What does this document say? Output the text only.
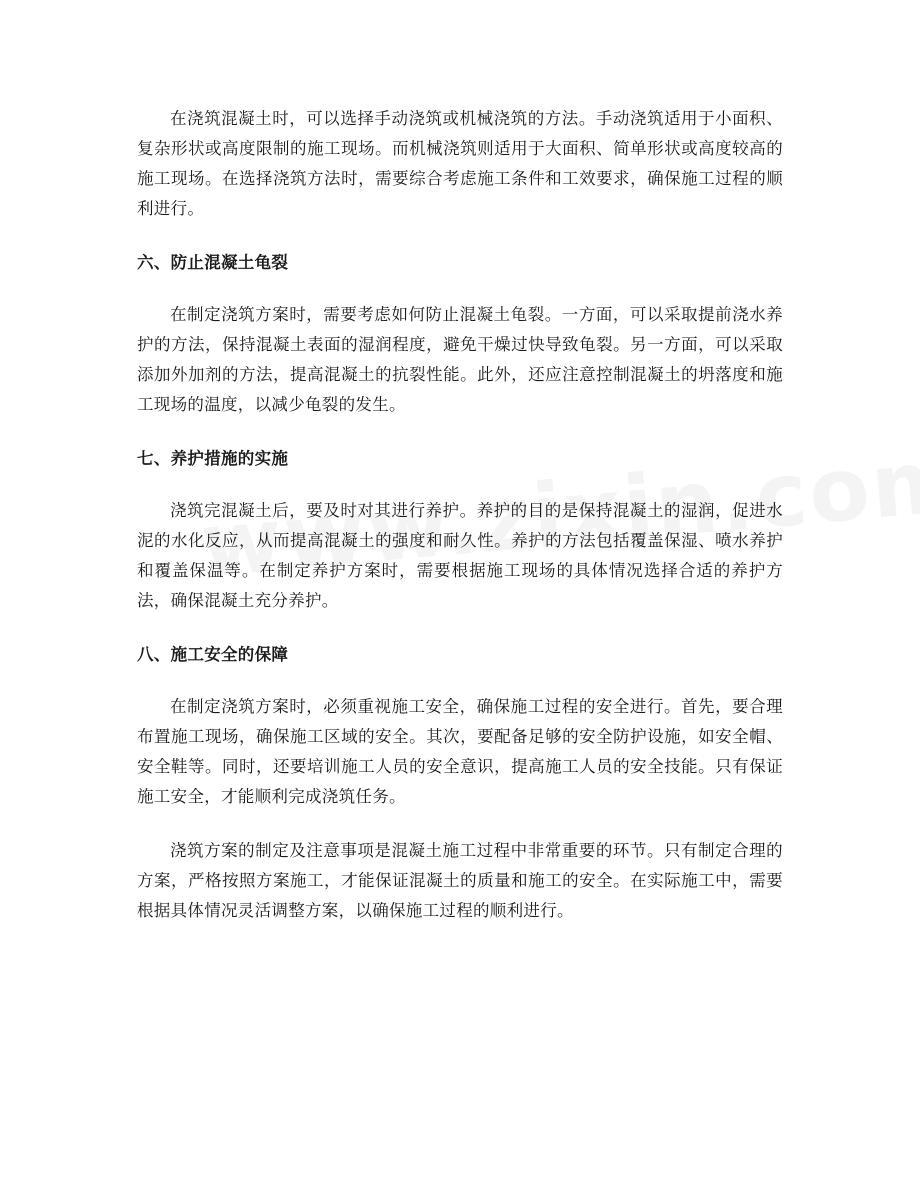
在浇筑混凝土时，可以选择手动浇筑或机械浇筑的方法。手动浇筑适用于小面积、复杂形状或高度限制的施工现场。而机械浇筑则适用于大面积、简单形状或高度较高的施工现场。在选择浇筑方法时，需要综合考虑施工条件和工效要求，确保施工过程的顺利进行。

六、防止混凝土龟裂

在制定浇筑方案时，需要考虑如何防止混凝土龟裂。一方面，可以采取提前浇水养护的方法，保持混凝土表面的湿润程度，避免干燥过快导致龟裂。另一方面，可以采取添加外加剂的方法，提高混凝土的抗裂性能。此外，还应注意控制混凝土的坍落度和施工现场的温度，以减少龟裂的发生。

七、养护措施的实施

浇筑完混凝土后，要及时对其进行养护。养护的目的是保持混凝土的湿润，促进水泥的水化反应，从而提高混凝土的强度和耐久性。养护的方法包括覆盖保湿、喷水养护和覆盖保温等。在制定养护方案时，需要根据施工现场的具体情况选择合适的养护方法，确保混凝土充分养护。

八、施工安全的保障

在制定浇筑方案时，必须重视施工安全，确保施工过程的安全进行。首先，要合理布置施工现场，确保施工区域的安全。其次，要配备足够的安全防护设施，如安全帽、安全鞋等。同时，还要培训施工人员的安全意识，提高施工人员的安全技能。只有保证施工安全，才能顺利完成浇筑任务。

浇筑方案的制定及注意事项是混凝土施工过程中非常重要的环节。只有制定合理的方案，严格按照方案施工，才能保证混凝土的质量和施工的安全。在实际施工中，需要根据具体情况灵活调整方案，以确保施工过程的顺利进行。
